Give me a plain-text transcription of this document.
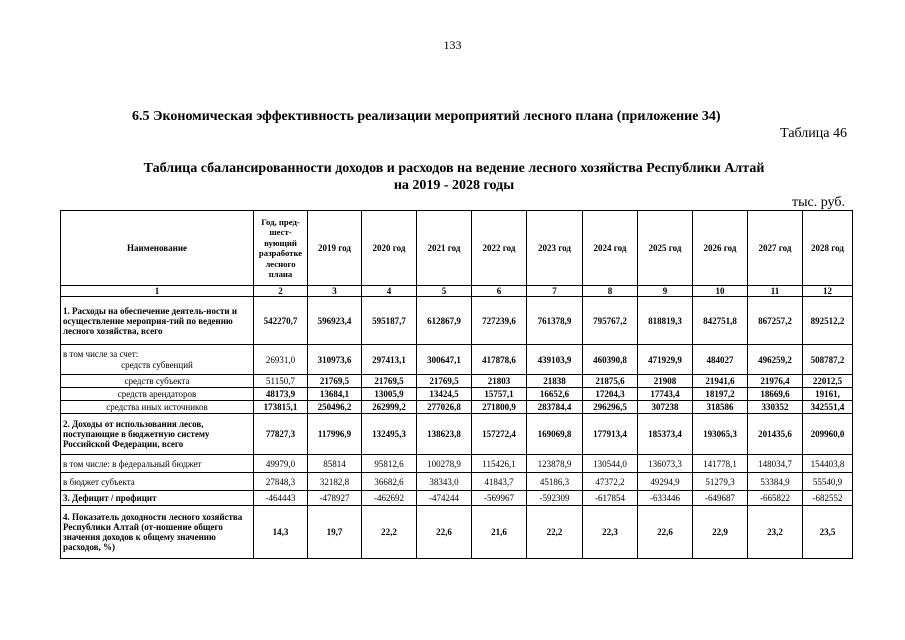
133
6.5 Экономическая эффективность реализации мероприятий лесного плана (приложение 34)
Таблица 46
Таблица сбалансированности доходов и расходов на ведение лесного хозяйства Республики Алтай
на 2019 - 2028 годы
тыс. руб.
Наименование	Год, пред-шест-вующий разработке лесного плана	2019 год	2020 год	2021 год	2022 год	2023 год	2024 год	2025 год	2026 год	2027 год	2028 год
1	2	3	4	5	6	7	8	9	10	11	12
1. Расходы на обеспечение деятель-ности и осуществление мероприя-тий по ведению лесного хозяйства, всего	542270,7	596923,4	595187,7	612867,9	727239,6	761378,9	795767,2	818819,3	842751,8	867257,2	892512,2

в том числе за счет:
средств субвенций	26931,0	310973,6	297413,1	300647,1	417878,6	439103,9	460390,8	471929,9	484027	496259,2	508787,2
средств субъекта	51150,7	21769,5	21769,5	21769,5	21803	21838	21875,6	21908	21941,6	21976,4	22012,5
средств арендаторов	48173,9	13684,1	13005,9	13424,5	15757,1	16652,6	17204,3	17743,4	18197,2	18669,6	19161,
средства иных источников	173815,1	250496,2	262999,2	277026,8	271800,9	283784,4	296296,5	307238	318586	330352	342551,4
2. Доходы от использования лесов, поступающие в бюджетную систему Российской Федерации, всего	77827,3	117996,9	132495,3	138623,8	157272,4	169069,8	177913,4	185373,4	193065,3	201435,6	209960,0
в том числе: в федеральный бюджет	49979,0	85814	95812,6	100278,9	115426,1	123878,9	130544,0	136073,3	141778,1	148034,7	154403,8
в бюджет субъекта	27848,3	32182,8	36682,6	38343,0	41843,7	45186,3	47372,2	49294,9	51279,3	53384,9	55540,9
3. Дефицит / профицит	-464443	-478927	-462692	-474244	-569967	-592309	-617854	-633446	-649687	-665822	-682552
4. Показатель доходности лесного хозяйства Республики Алтай (от-ношение общего значения доходов к общему значению расходов, %)	14,3	19,7	22,2	22,6	21,6	22,2	22,3	22,6	22,9	23,2	23,5
